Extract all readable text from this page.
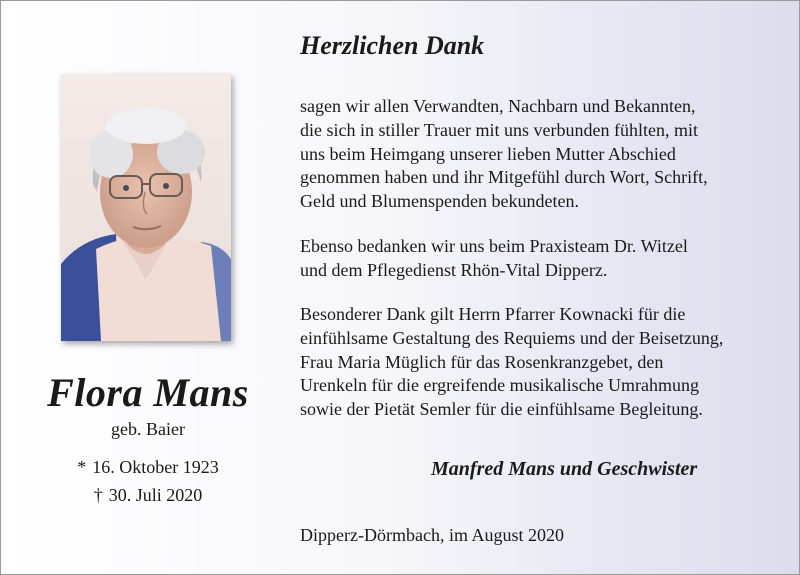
Flora Mans
geb. Baier
* 16. Oktober 1923
† 30. Juli 2020
Herzlichen Dank

sagen wir allen Verwandten, Nachbarn und Bekannten,
die sich in stiller Trauer mit uns verbunden fühlten, mit
uns beim Heimgang unserer lieben Mutter Abschied
genommen haben und ihr Mitgefühl durch Wort, Schrift,
Geld und Blumenspenden bekundeten.

Ebenso bedanken wir uns beim Praxisteam Dr. Witzel
und dem Pflegedienst Rhön-Vital Dipperz.

Besonderer Dank gilt Herrn Pfarrer Kownacki für die
einfühlsame Gestaltung des Requiems und der Beisetzung,
Frau Maria Müglich für das Rosenkranzgebet, den
Urenkeln für die ergreifende musikalische Umrahmung
sowie der Pietät Semler für die einfühlsame Begleitung.

Manfred Mans und Geschwister
Dipperz-Dörmbach, im August 2020
